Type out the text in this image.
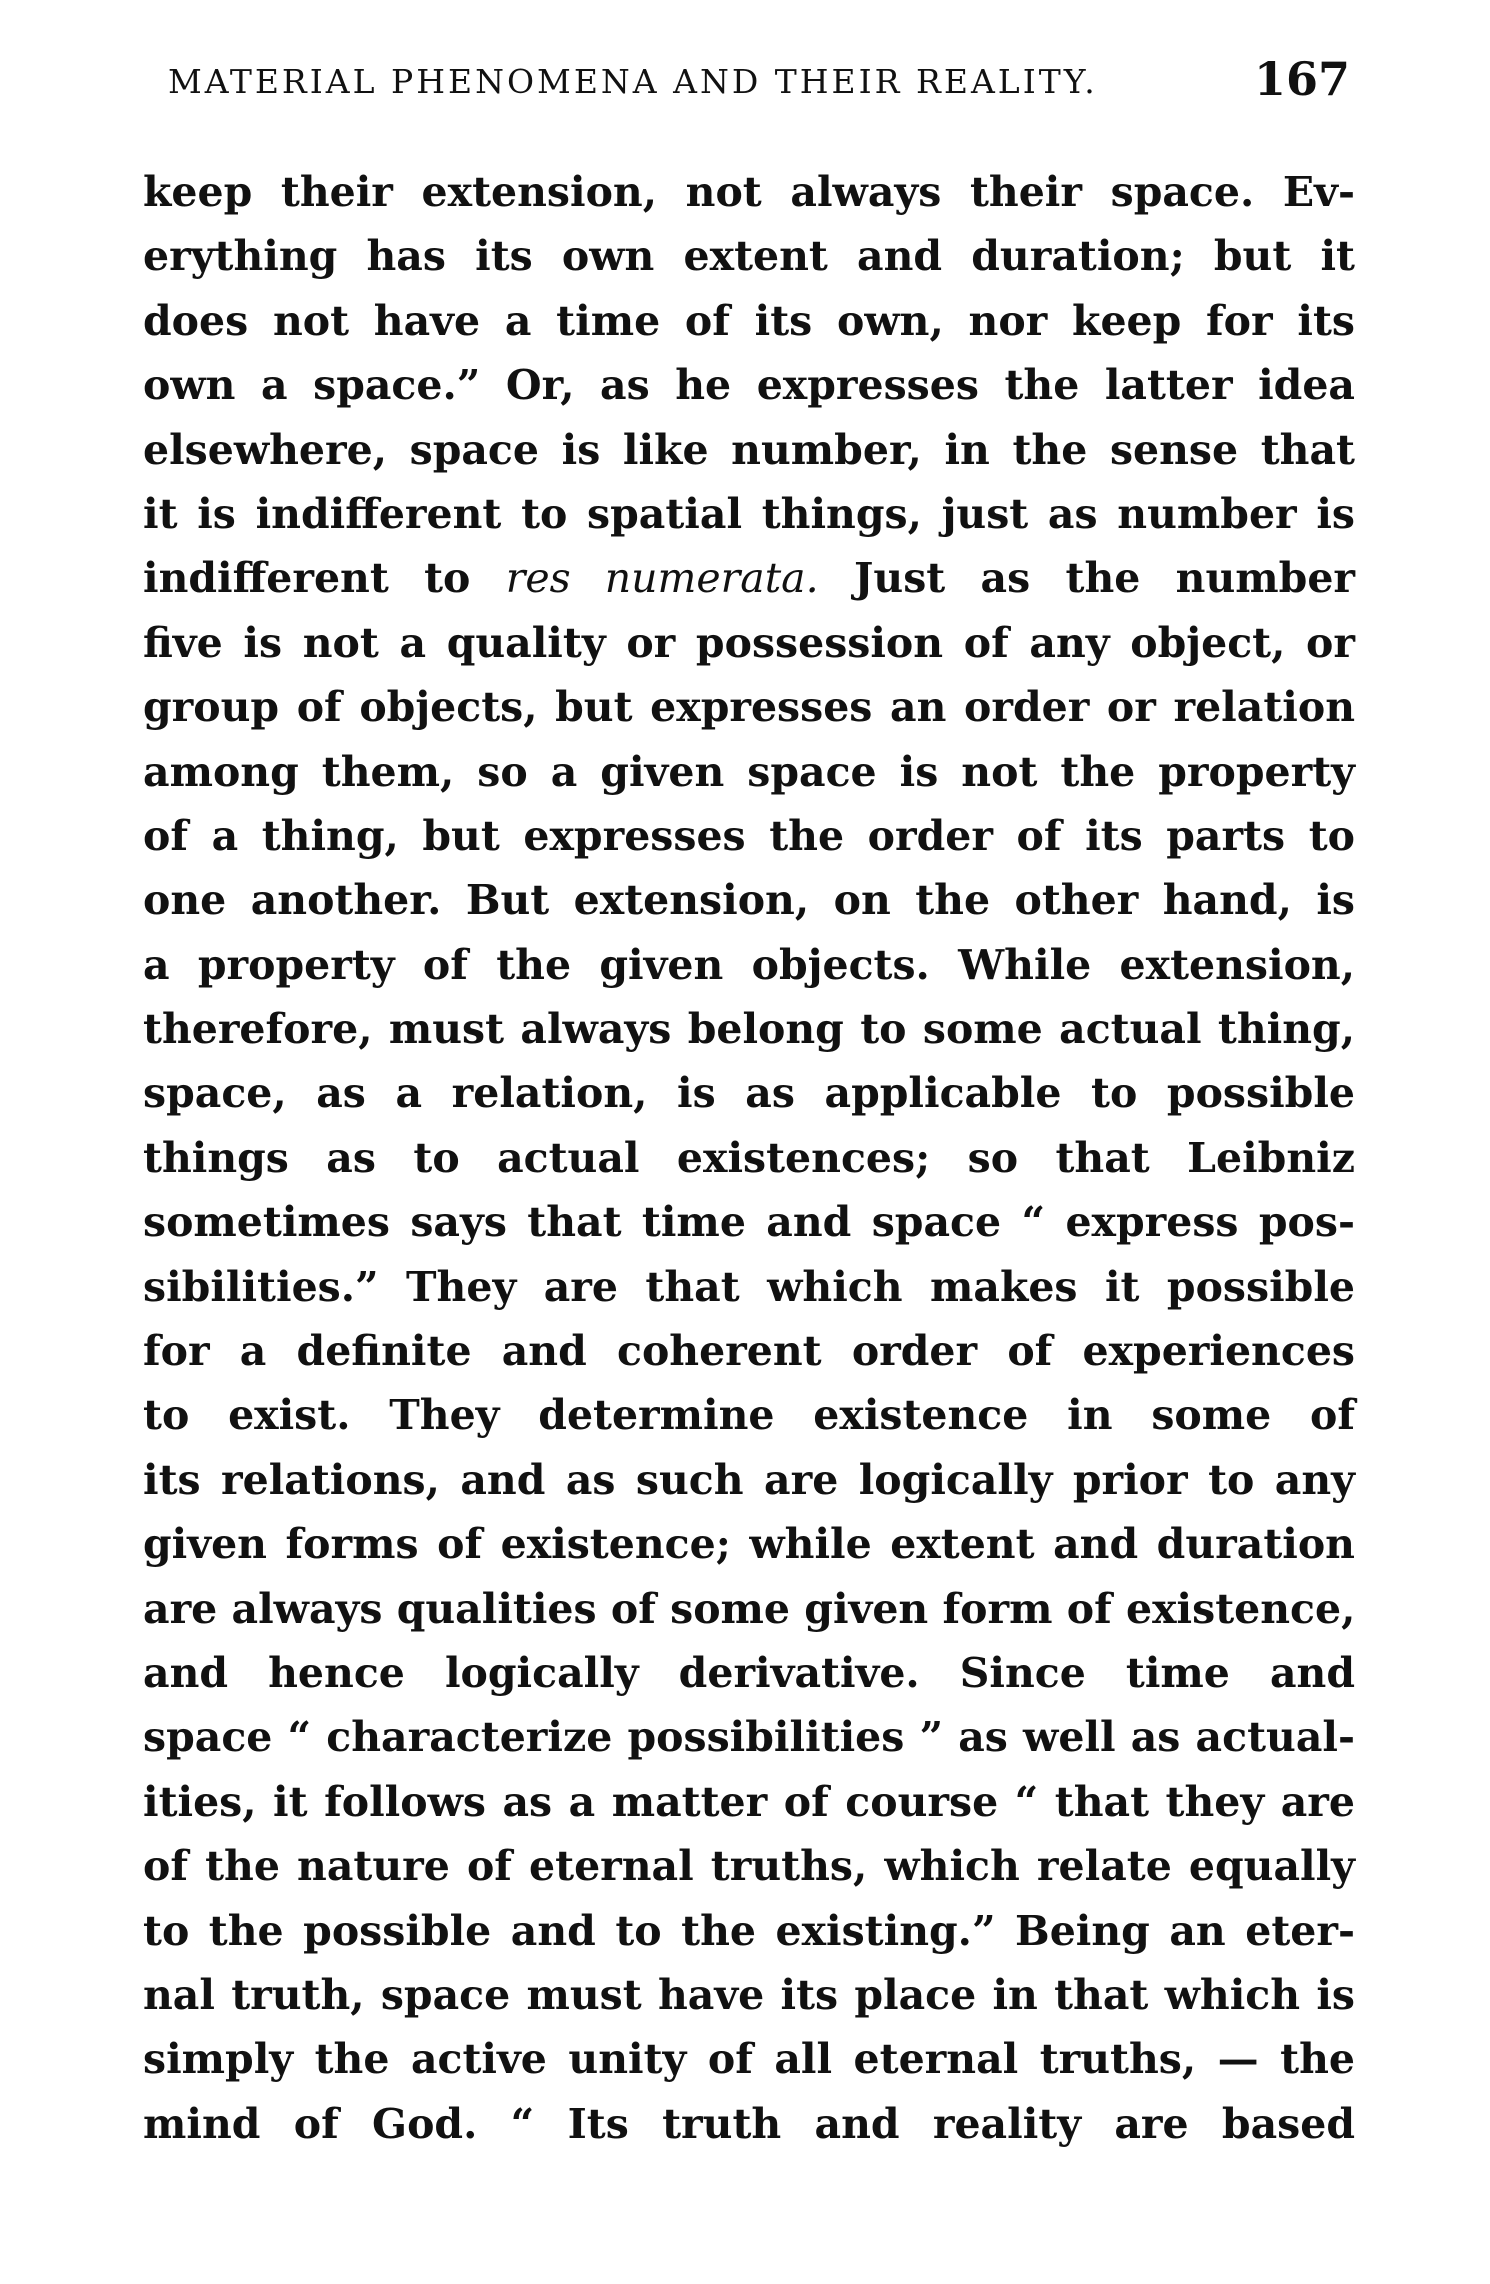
MATERIAL PHENOMENA AND THEIR REALITY.	167
keep their extension, not always their space. Ev-
erything has its own extent and duration; but it
does not have a time of its own, nor keep for its
own a space.” Or, as he expresses the latter idea
elsewhere, space is like number, in the sense that
it is indifferent to spatial things, just as number is
indifferent to res numerata. Just as the number
five is not a quality or possession of any object, or
group of objects, but expresses an order or relation
among them, so a given space is not the property
of a thing, but expresses the order of its parts to
one another. But extension, on the other hand, is
a property of the given objects. While extension,
therefore, must always belong to some actual thing,
space, as a relation, is as applicable to possible
things as to actual existences; so that Leibniz
sometimes says that time and space “ express pos-
sibilities.” They are that which makes it possible
for a definite and coherent order of experiences
to exist. They determine existence in some of
its relations, and as such are logically prior to any
given forms of existence; while extent and duration
are always qualities of some given form of existence,
and hence logically derivative. Since time and
space “ characterize possibilities ” as well as actual-
ities, it follows as a matter of course “ that they are
of the nature of eternal truths, which relate equally
to the possible and to the existing.” Being an eter-
nal truth, space must have its place in that which is
simply the active unity of all eternal truths, — the
mind of God. “ Its truth and reality are based
